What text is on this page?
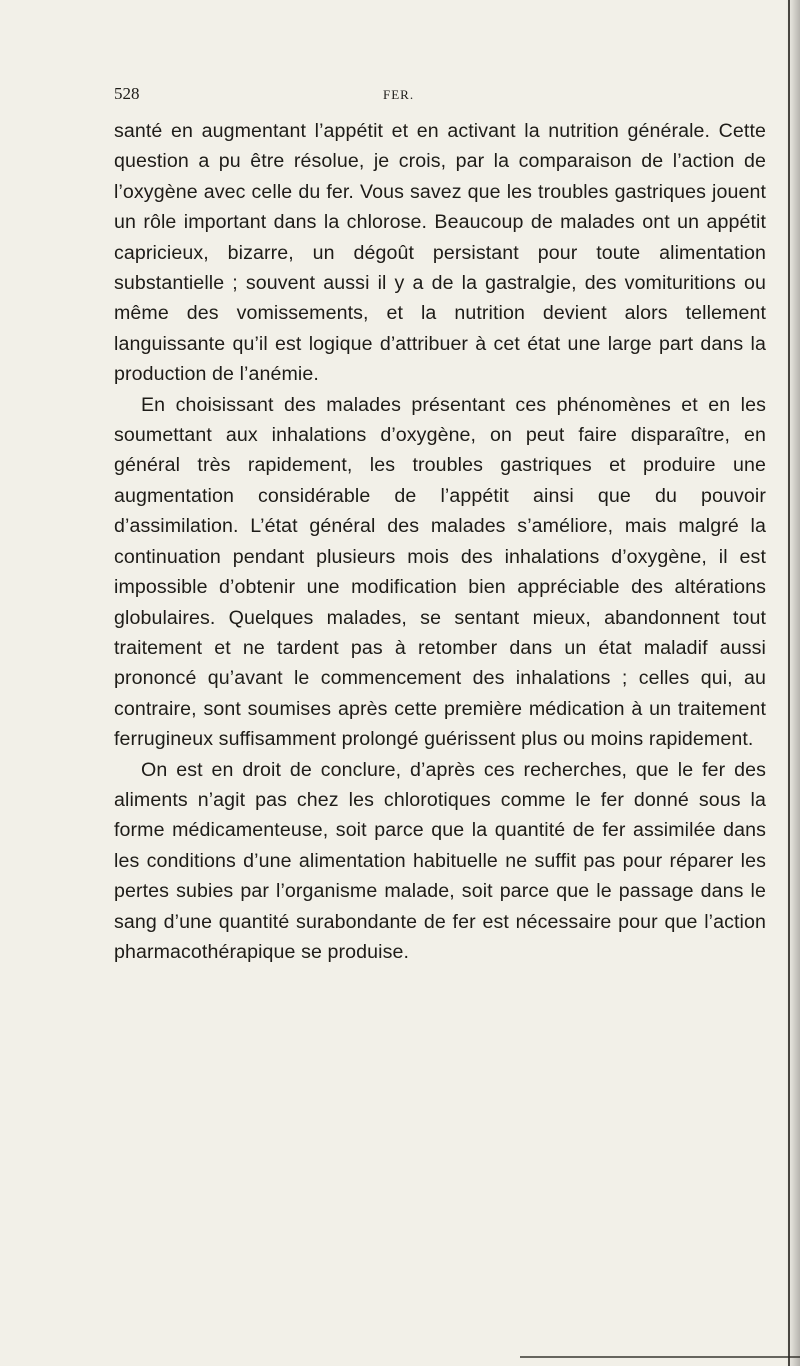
528	FER.

santé en augmentant l’appétit et en activant la nutrition générale. Cette question a pu être résolue, je crois, par la comparaison de l’action de l’oxygène avec celle du fer. Vous savez que les troubles gastriques jouent un rôle important dans la chlorose. Beaucoup de malades ont un appétit capricieux, bizarre, un dégoût persistant pour toute alimentation substantielle ; souvent aussi il y a de la gastralgie, des vomituritions ou même des vomissements, et la nutrition devient alors tellement languissante qu’il est logique d’attribuer à cet état une large part dans la production de l’anémie.

En choisissant des malades présentant ces phénomènes et en les soumettant aux inhalations d’oxygène, on peut faire disparaître, en général très rapidement, les troubles gastriques et produire une augmentation considérable de l’appétit ainsi que du pouvoir d’assimilation. L’état général des malades s’améliore, mais malgré la continuation pendant plusieurs mois des inhalations d’oxygène, il est impossible d’obtenir une modification bien appréciable des altérations globulaires. Quelques malades, se sentant mieux, abandonnent tout traitement et ne tardent pas à retomber dans un état maladif aussi prononcé qu’avant le commencement des inhalations ; celles qui, au contraire, sont soumises après cette première médication à un traitement ferrugineux suffisamment prolongé guérissent plus ou moins rapidement.

On est en droit de conclure, d’après ces recherches, que le fer des aliments n’agit pas chez les chlorotiques comme le fer donné sous la forme médicamenteuse, soit parce que la quantité de fer assimilée dans les conditions d’une alimentation habituelle ne suffit pas pour réparer les pertes subies par l’organisme malade, soit parce que le passage dans le sang d’une quantité surabondante de fer est nécessaire pour que l’action pharmacothérapique se produise.
